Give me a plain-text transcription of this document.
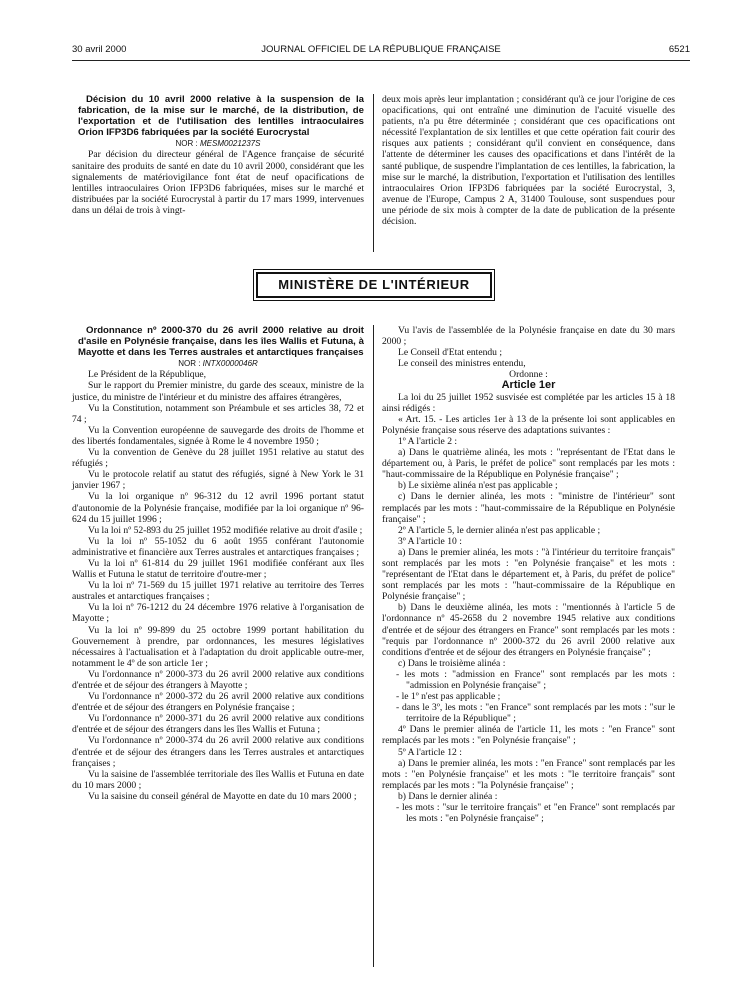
30 avril 2000	JOURNAL OFFICIEL DE LA RÉPUBLIQUE FRANÇAISE	6521

Décision du 10 avril 2000 relative à la suspension de la fabrication, de la mise sur le marché, de la distribution, de l'exportation et de l'utilisation des lentilles intraoculaires Orion IFP3D6 fabriquées par la société Eurocrystal

NOR : MESM0021237S

Par décision du directeur général de l'Agence française de sécurité sanitaire des produits de santé en date du 10 avril 2000, considérant que les signalements de matériovigilance font état de neuf opacifications de lentilles intraoculaires Orion IFP3D6 fabriquées, mises sur le marché et distribuées par la société Eurocrystal à partir du 17 mars 1999, intervenues dans un délai de trois à vingt-

deux mois après leur implantation ; considérant qu'à ce jour l'origine de ces opacifications, qui ont entraîné une diminution de l'acuité visuelle des patients, n'a pu être déterminée ; considérant que ces opacifications ont nécessité l'explantation de six lentilles et que cette opération fait courir des risques aux patients ; considérant qu'il convient en conséquence, dans l'attente de déterminer les causes des opacifications et dans l'intérêt de la santé publique, de suspendre l'implantation de ces lentilles, la fabrication, la mise sur le marché, la distribution, l'exportation et l'utilisation des lentilles intraoculaires Orion IFP3D6 fabriquées par la société Eurocrystal, 3, avenue de l'Europe, Campus 2 A, 31400 Toulouse, sont suspendues pour une période de six mois à compter de la date de publication de la présente décision.

MINISTÈRE DE L'INTÉRIEUR

Ordonnance nº 2000-370 du 26 avril 2000 relative au droit d'asile en Polynésie française, dans les îles Wallis et Futuna, à Mayotte et dans les Terres australes et antarctiques françaises

NOR : INTX0000046R

Le Président de la République,

Sur le rapport du Premier ministre, du garde des sceaux, ministre de la justice, du ministre de l'intérieur et du ministre des affaires étrangères,

Vu la Constitution, notamment son Préambule et ses articles 38, 72 et 74 ;

Vu la Convention européenne de sauvegarde des droits de l'homme et des libertés fondamentales, signée à Rome le 4 novembre 1950 ;

Vu la convention de Genève du 28 juillet 1951 relative au statut des réfugiés ;

Vu le protocole relatif au statut des réfugiés, signé à New York le 31 janvier 1967 ;

Vu la loi organique nº 96-312 du 12 avril 1996 portant statut d'autonomie de la Polynésie française, modifiée par la loi organique nº 96-624 du 15 juillet 1996 ;

Vu la loi nº 52-893 du 25 juillet 1952 modifiée relative au droit d'asile ;

Vu la loi nº 55-1052 du 6 août 1955 conférant l'autonomie administrative et financière aux Terres australes et antarctiques françaises ;

Vu la loi nº 61-814 du 29 juillet 1961 modifiée conférant aux îles Wallis et Futuna le statut de territoire d'outre-mer ;

Vu la loi nº 71-569 du 15 juillet 1971 relative au territoire des Terres australes et antarctiques françaises ;

Vu la loi nº 76-1212 du 24 décembre 1976 relative à l'organisation de Mayotte ;

Vu la loi nº 99-899 du 25 octobre 1999 portant habilitation du Gouvernement à prendre, par ordonnances, les mesures législatives nécessaires à l'actualisation et à l'adaptation du droit applicable outre-mer, notamment le 4º de son article 1er ;

Vu l'ordonnance nº 2000-373 du 26 avril 2000 relative aux conditions d'entrée et de séjour des étrangers à Mayotte ;

Vu l'ordonnance nº 2000-372 du 26 avril 2000 relative aux conditions d'entrée et de séjour des étrangers en Polynésie française ;

Vu l'ordonnance nº 2000-371 du 26 avril 2000 relative aux conditions d'entrée et de séjour des étrangers dans les îles Wallis et Futuna ;

Vu l'ordonnance nº 2000-374 du 26 avril 2000 relative aux conditions d'entrée et de séjour des étrangers dans les Terres australes et antarctiques françaises ;

Vu la saisine de l'assemblée territoriale des îles Wallis et Futuna en date du 10 mars 2000 ;

Vu la saisine du conseil général de Mayotte en date du 10 mars 2000 ;

Vu l'avis de l'assemblée de la Polynésie française en date du 30 mars 2000 ;

Le Conseil d'Etat entendu ;

Le conseil des ministres entendu,

Ordonne :

Article 1er

La loi du 25 juillet 1952 susvisée est complétée par les articles 15 à 18 ainsi rédigés :

« Art. 15. - Les articles 1er à 13 de la présente loi sont applicables en Polynésie française sous réserve des adaptations suivantes :

1º A l'article 2 :

a) Dans le quatrième alinéa, les mots : "représentant de l'Etat dans le département ou, à Paris, le préfet de police" sont remplacés par les mots : "haut-commissaire de la République en Polynésie française" ;

b) Le sixième alinéa n'est pas applicable ;

c) Dans le dernier alinéa, les mots : "ministre de l'intérieur" sont remplacés par les mots : "haut-commissaire de la République en Polynésie française" ;

2º A l'article 5, le dernier alinéa n'est pas applicable ;

3º A l'article 10 :

a) Dans le premier alinéa, les mots : "à l'intérieur du territoire français" sont remplacés par les mots : "en Polynésie française" et les mots : "représentant de l'Etat dans le département et, à Paris, du préfet de police" sont remplacés par les mots : "haut-commissaire de la République en Polynésie française" ;

b) Dans le deuxième alinéa, les mots : "mentionnés à l'article 5 de l'ordonnance nº 45-2658 du 2 novembre 1945 relative aux conditions d'entrée et de séjour des étrangers en France" sont remplacés par les mots : "requis par l'ordonnance nº 2000-372 du 26 avril 2000 relative aux conditions d'entrée et de séjour des étrangers en Polynésie française" ;

c) Dans le troisième alinéa :

- les mots : "admission en France" sont remplacés par les mots : "admission en Polynésie française" ;

- le 1º n'est pas applicable ;

- dans le 3º, les mots : "en France" sont remplacés par les mots : "sur le territoire de la République" ;

4º Dans le premier alinéa de l'article 11, les mots : "en France" sont remplacés par les mots : "en Polynésie française" ;

5º A l'article 12 :

a) Dans le premier alinéa, les mots : "en France" sont remplacés par les mots : "en Polynésie française" et les mots : "le territoire français" sont remplacés par les mots : "la Polynésie française" ;

b) Dans le dernier alinéa :

- les mots : "sur le territoire français" et "en France" sont remplacés par les mots : "en Polynésie française" ;
